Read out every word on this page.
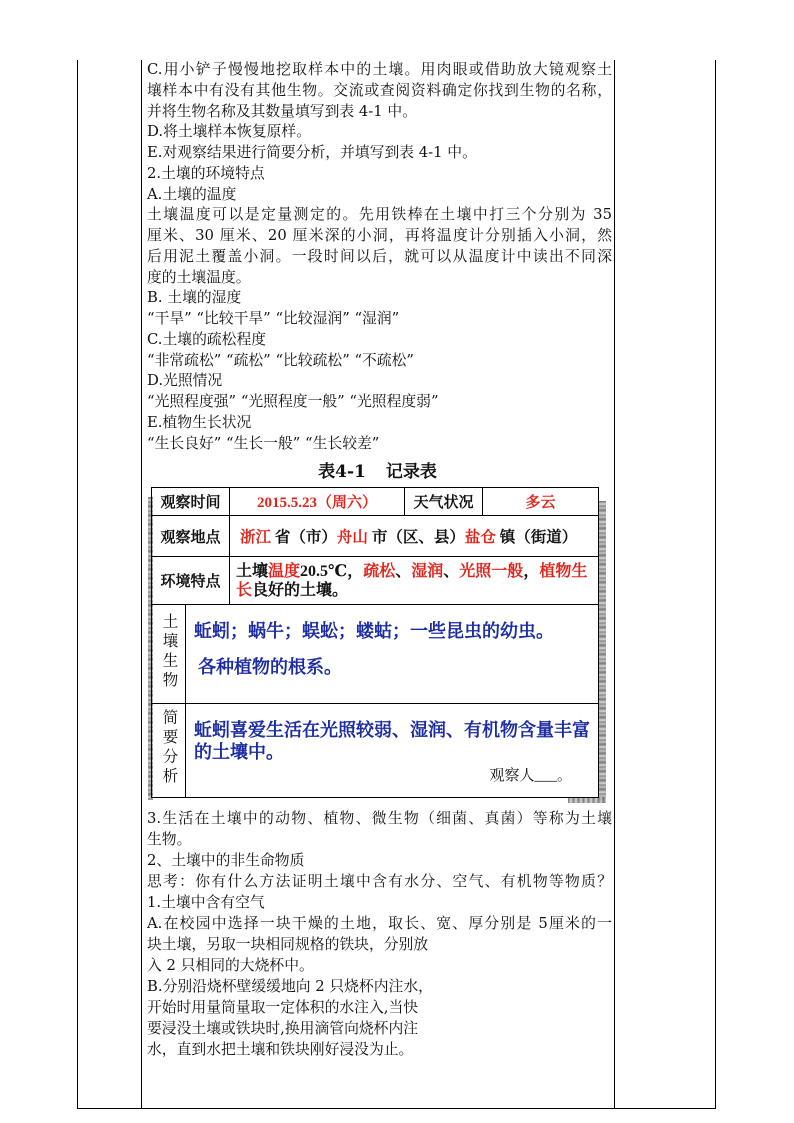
C.用小铲子慢慢地挖取样本中的土壤。用肉眼或借助放大镜观察土
壤样本中有没有其他生物。交流或查阅资料确定你找到生物的名称，
并将生物名称及其数量填写到表 4-1 中。
D.将土壤样本恢复原样。
E.对观察结果进行简要分析，并填写到表 4-1 中。
2.土壤的环境特点
A.土壤的温度
土壤温度可以是定量测定的。先用铁棒在土壤中打三个分别为 35
厘米、30 厘米、20 厘米深的小洞，再将温度计分别插入小洞，然
后用泥土覆盖小洞。一段时间以后，就可以从温度计中读出不同深
度的土壤温度。
B. 土壤的湿度
“干旱” “比较干旱” “比较湿润” “湿润”
C.土壤的疏松程度
“非常疏松” “疏松” “比较疏松” “不疏松”
D.光照情况
“光照程度强” “光照程度一般” “光照程度弱”
E.植物生长状况
“生长良好” “生长一般” “生长较差”
表4-1 记录表
观察时间		2015.5.23（周六）	天气状况	多云
观察地点		浙江 省（市）舟山 市（区、县）盐仓 镇（街道）		
环境特点		土壤温度20.5℃，疏松、湿润、光照一般，植物生长良好的土壤。		
土壤生物	蚯蚓；蜗牛；蜈蚣；蝼蛄；一些昆虫的幼虫。
各种植物的根系。			

简要分析	蚯蚓喜爱生活在光照较弱、湿润、有机物含量丰富
的土壤中。
观察人___。			
3.生活在土壤中的动物、植物、微生物（细菌、真菌）等称为土壤
生物。
2、土壤中的非生命物质
思考：你有什么方法证明土壤中含有水分、空气、有机物等物质？
1.土壤中含有空气
A.在校园中选择一块干燥的土地，取长、宽、厚分别是 5厘米的一
块土壤，另取一块相同规格的铁块，分别放
入 2 只相同的大烧杯中。
B.分别沿烧杯壁缓缓地向 2 只烧杯内注水，
开始时用量筒量取一定体积的水注入,当快
要浸没土壤或铁块时,换用滴管向烧杯内注
水，直到水把土壤和铁块刚好浸没为止。
